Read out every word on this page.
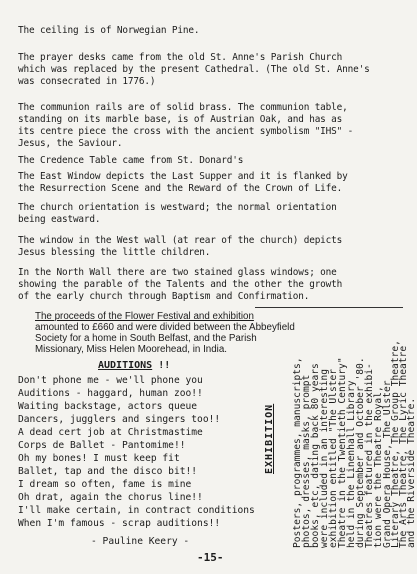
The ceiling is of Norwegian Pine.
The prayer desks came from the old St. Anne's Parish Church
which was replaced by the present Cathedral. (The old St. Anne's
was consecrated in 1776.)
The communion rails are of solid brass. The communion table,
standing on its marble base, is of Austrian Oak, and has as
its centre piece the cross with the ancient symbolism "IHS" -
Jesus, the Saviour.
The Credence Table came from St. Donard's
The East Window depicts the Last Supper and it is flanked by
the Resurrection Scene and the Reward of the Crown of Life.
The church orientation is westward; the normal orientation
being eastward.
The window in the West wall (at rear of the church) depicts
Jesus blessing the little children.
In the North Wall there are two stained glass windows; one
showing the parable of the Talents and the other the growth
of the early church through Baptism and Confirmation.
The proceeds of the Flower Festival and exhibition
amounted to £660 and were divided between the Abbeyfield
Society for a home in South Belfast, and the Parish
Missionary, Miss Helen Moorehead, in India.
AUDITIONS !!
Don't phone me - we'll phone you
Auditions - haggard, human zoo!!
Waiting backstage, actors queue
Dancers, jugglers and singers too!!
A dead cert job at Christmastime
Corps de Ballet - Pantomime!!
Oh my bones! I must keep fit
Ballet, tap and the disco bit!!
I dream so often, fame is mine
Oh drat, again the chorus line!!
I'll make certain, in contract conditions
When I'm famous - scrap auditions!!
- Pauline Keery -
EXHIBITION Posters, programmes, manuscripts,
photos, dresses, masks, prompt
books, etc, dating back 80 years
were included in an interesting
exhibition entitled "The Ulster
Theatre in the Twentieth Century"
held in the Linenhall Library
during September and October '80.
Theatres featured in the exhibi-
tion were the Theatre Royal,
Grand Opera House, The Ulster
Literary Theatre, The Group Theatre,
The Arts Theatre, The Lyric Theatre
and the Riverside Theatre.
-15-
